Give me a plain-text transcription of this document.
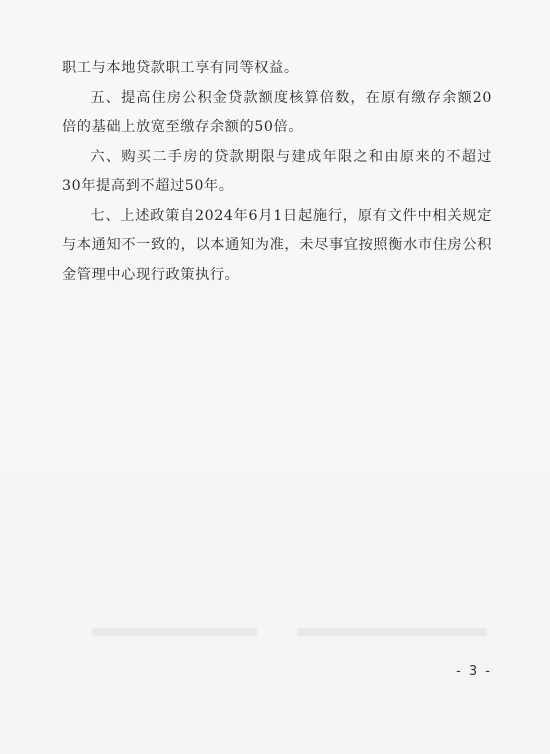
职工与本地贷款职工享有同等权益。

五、提高住房公积金贷款额度核算倍数，在原有缴存余额20倍的基础上放宽至缴存余额的50倍。

六、购买二手房的贷款期限与建成年限之和由原来的不超过30年提高到不超过50年。

七、上述政策自2024年6月1日起施行，原有文件中相关规定与本通知不一致的，以本通知为准，未尽事宜按照衡水市住房公积金管理中心现行政策执行。

- 3 -
